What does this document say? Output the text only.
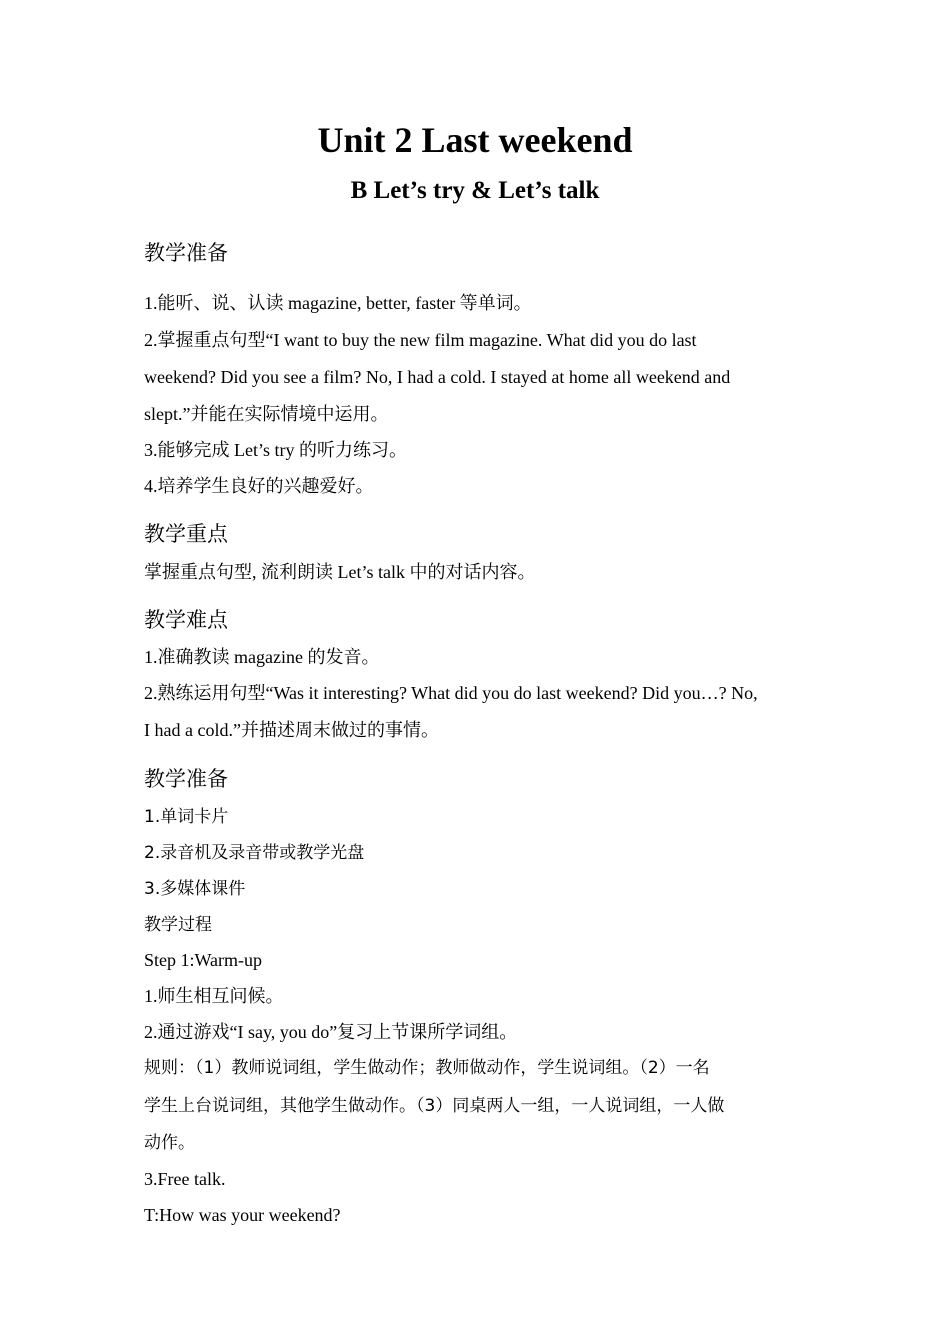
Unit 2 Last weekend
B Let’s try & Let’s talk
教学准备
1.能听、说、认读 magazine, better, faster 等单词。
2.掌握重点句型“I want to buy the new film magazine. What did you do last
weekend? Did you see a film? No, I had a cold. I stayed at home all weekend and
slept.”并能在实际情境中运用。
3.能够完成 Let’s try 的听力练习。
4.培养学生良好的兴趣爱好。
教学重点
掌握重点句型, 流利朗读 Let’s talk 中的对话内容。
教学难点
1.准确教读 magazine 的发音。
2.熟练运用句型“Was it interesting? What did you do last weekend? Did you…? No,
I had a cold.”并描述周末做过的事情。
教学准备
1.单词卡片
2.录音机及录音带或教学光盘
3.多媒体课件
教学过程
Step 1:Warm-up
1.师生相互问候。
2.通过游戏“I say, you do”复习上节课所学词组。
规则：（1）教师说词组，学生做动作；教师做动作，学生说词组。（2）一名
学生上台说词组，其他学生做动作。（3）同桌两人一组，一人说词组，一人做
动作。
3.Free talk.
T:How was your weekend?
